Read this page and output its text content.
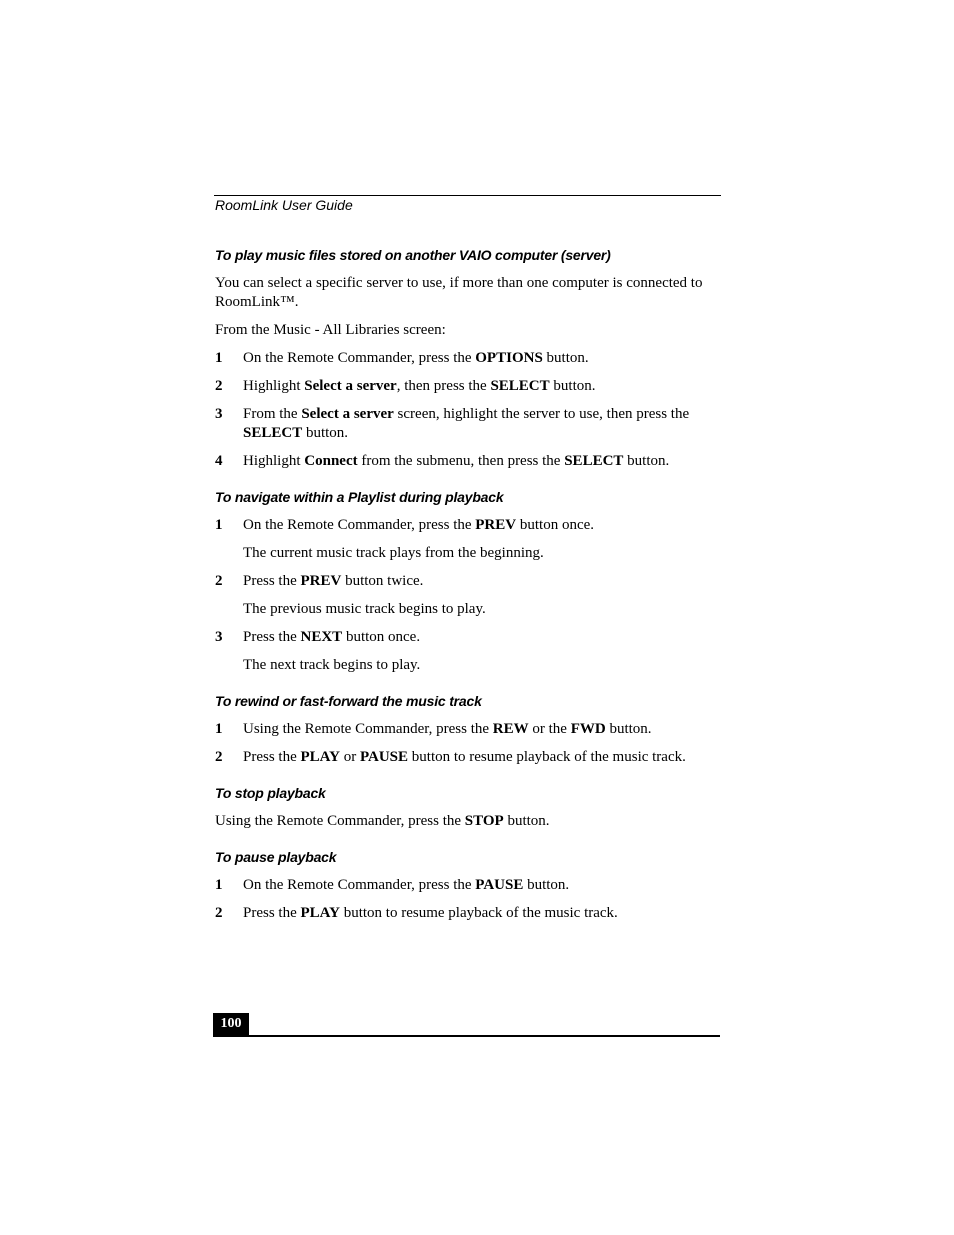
RoomLink User Guide
To play music files stored on another VAIO computer (server)

You can select a specific server to use, if more than one computer is connected to RoomLink™.

From the Music - All Libraries screen:

1 On the Remote Commander, press the OPTIONS button.
2 Highlight Select a server, then press the SELECT button.
3 From the Select a server screen, highlight the server to use, then press the SELECT button.
4 Highlight Connect from the submenu, then press the SELECT button.
To navigate within a Playlist during playback
1 On the Remote Commander, press the PREV button once.

The current music track plays from the beginning.

2 Press the PREV button twice.

The previous music track begins to play.

3 Press the NEXT button once.

The next track begins to play.

To rewind or fast-forward the music track
1 Using the Remote Commander, press the REW or the FWD button.
2 Press the PLAY or PAUSE button to resume playback of the music track.
To stop playback

Using the Remote Commander, press the STOP button.

To pause playback
1 On the Remote Commander, press the PAUSE button.
2 Press the PLAY button to resume playback of the music track.
100
